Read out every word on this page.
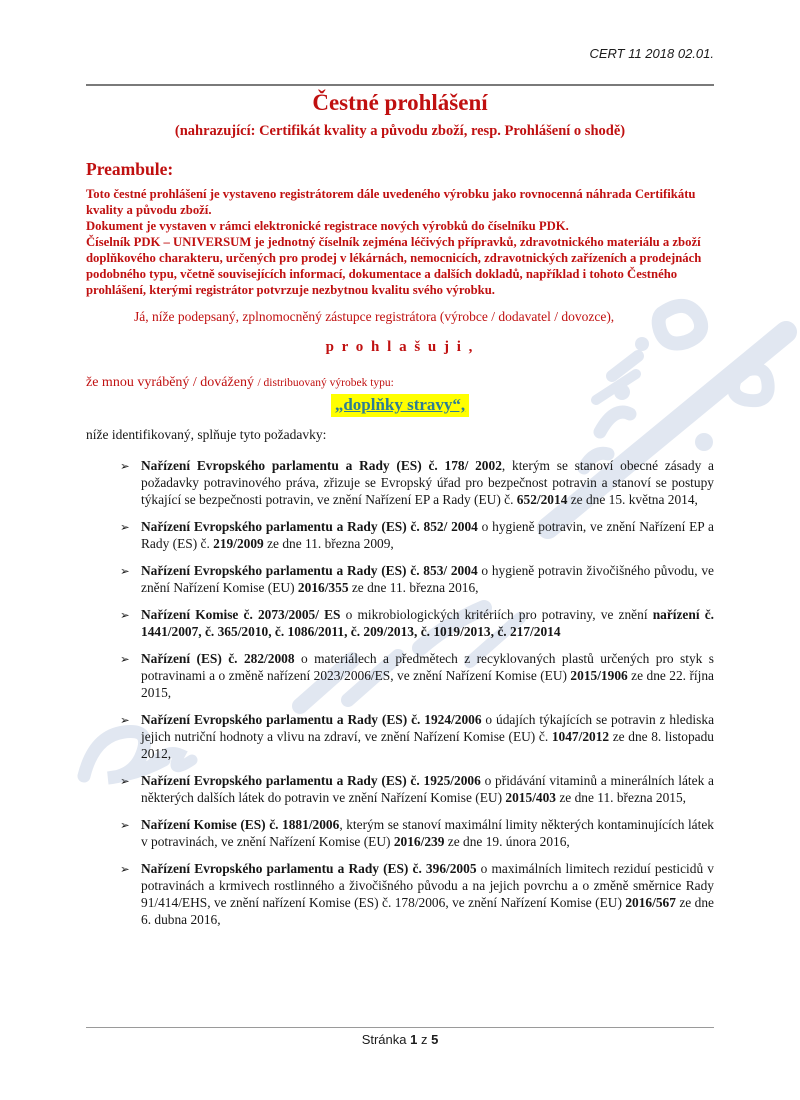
CERT 11 2018 02.01.
Čestné prohlášení
(nahrazující: Certifikát kvality a původu zboží, resp. Prohlášení o shodě)
Preambule:
Toto čestné prohlášení je vystaveno registrátorem dále uvedeného výrobku jako rovnocenná náhrada Certifikátu kvality a původu zboží.
Dokument je vystaven v rámci elektronické registrace nových výrobků do číselníku PDK.
Číselník PDK – UNIVERSUM je jednotný číselník zejména léčivých přípravků, zdravotnického materiálu a zboží doplňkového charakteru, určených pro prodej v lékárnách, nemocnicích, zdravotnických zařízeních a prodejnách podobného typu, včetně souvisejících informací, dokumentace a dalších dokladů, například i tohoto Čestného prohlášení, kterými registrátor potvrzuje nezbytnou kvalitu svého výrobku.
Já, níže podepsaný, zplnomocněný zástupce registrátora (výrobce / dodavatel / dovozce),
p r o h l a š u j i ,
že mnou vyráběný / dovážený / distribuovaný výrobek typu:
„doplňky stravy“,
níže identifikovaný, splňuje tyto požadavky:
➢ Nařízení Evropského parlamentu a Rady (ES) č. 178/ 2002, kterým se stanoví obecné zásady a požadavky potravinového práva, zřizuje se Evropský úřad pro bezpečnost potravin a stanoví se postupy týkající se bezpečnosti potravin, ve znění Nařízení EP a Rady (EU) č. 652/2014 ze dne 15. května 2014,
➢ Nařízení Evropského parlamentu a Rady (ES) č. 852/ 2004 o hygieně potravin, ve znění Nařízení EP a Rady (ES) č. 219/2009 ze dne 11. března 2009,
➢ Nařízení Evropského parlamentu a Rady (ES) č. 853/ 2004 o hygieně potravin živočišného původu, ve znění Nařízení Komise (EU) 2016/355 ze dne 11. března 2016,
➢ Nařízení Komise č. 2073/2005/ ES o mikrobiologických kritériích pro potraviny, ve znění nařízení č. 1441/2007, č. 365/2010, č. 1086/2011, č. 209/2013, č. 1019/2013, č. 217/2014
➢ Nařízení (ES) č. 282/2008 o materiálech a předmětech z recyklovaných plastů určených pro styk s potravinami a o změně nařízení 2023/2006/ES, ve znění Nařízení Komise (EU) 2015/1906 ze dne 22. října 2015,
➢ Nařízení Evropského parlamentu a Rady (ES) č. 1924/2006 o údajích týkajících se potravin z hlediska jejich nutriční hodnoty a vlivu na zdraví, ve znění Nařízení Komise (EU) č. 1047/2012 ze dne 8. listopadu 2012,
➢ Nařízení Evropského parlamentu a Rady (ES) č. 1925/2006 o přidávání vitaminů a minerálních látek a některých dalších látek do potravin ve znění Nařízení Komise (EU) 2015/403 ze dne 11. března 2015,
➢ Nařízení Komise (ES) č. 1881/2006, kterým se stanoví maximální limity některých kontaminujících látek v potravinách, ve znění Nařízení Komise (EU) 2016/239 ze dne 19. února 2016,
➢ Nařízení Evropského parlamentu a Rady (ES) č. 396/2005 o maximálních limitech reziduí pesticidů v potravinách a krmivech rostlinného a živočišného původu a na jejich povrchu a o změně směrnice Rady 91/414/EHS, ve znění nařízení Komise (ES) č. 178/2006, ve znění Nařízení Komise (EU) 2016/567 ze dne 6. dubna 2016,
Stránka 1 z 5
